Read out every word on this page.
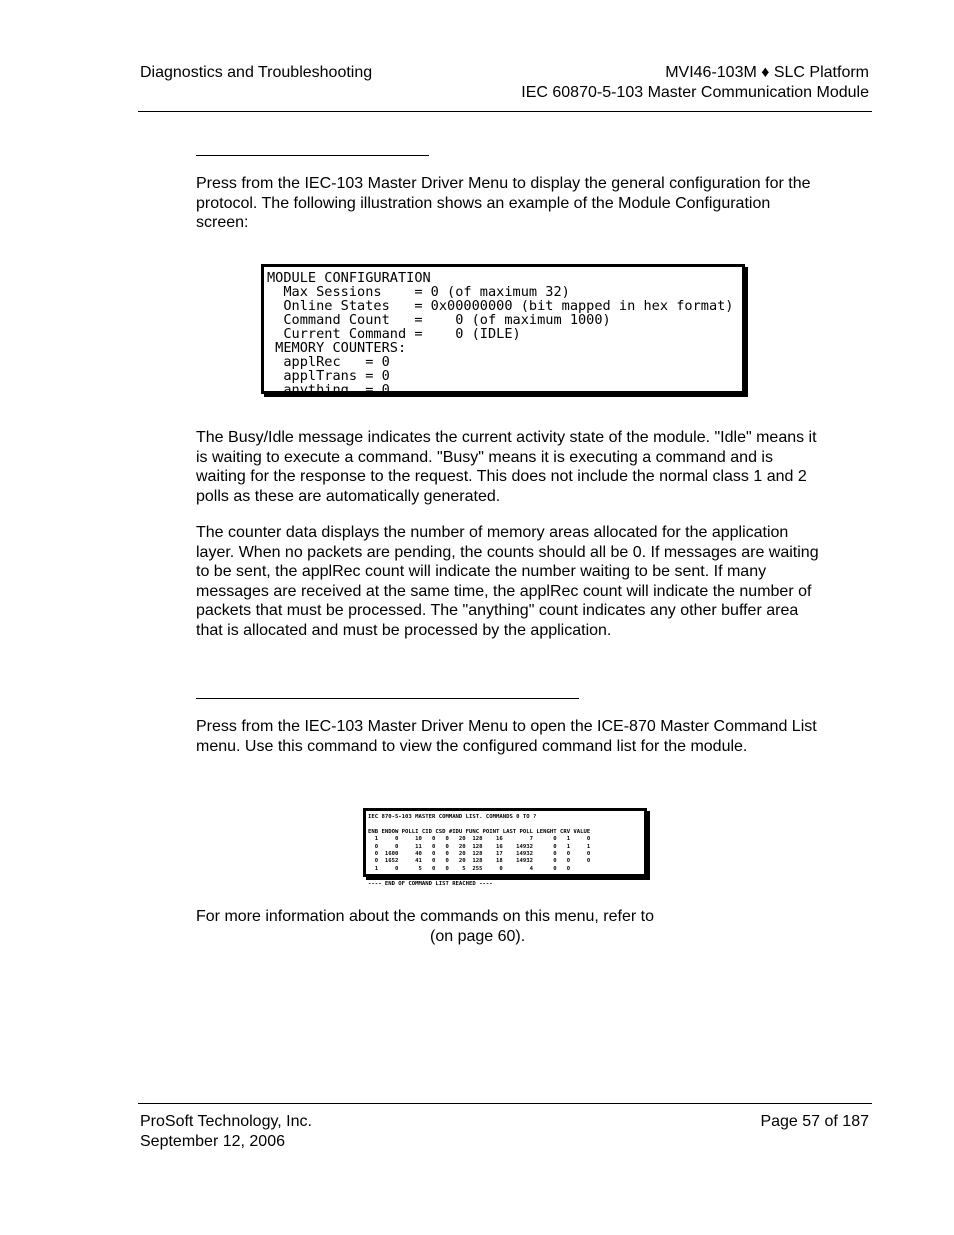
Diagnostics and Troubleshooting	MVI46-103M ♦ SLC Platform
IEC 60870-5-103 Master Communication Module

Press from the IEC-103 Master Driver Menu to display the general configuration for the protocol. The following illustration shows an example of the Module Configuration screen:

MODULE CONFIGURATION
Max Sessions    = 0 (of maximum 32)
Online States   = 0x00000000 (bit mapped in hex format)
Command Count   =    0 (of maximum 1000)
Current Command =    0 (IDLE)
MEMORY COUNTERS:
applRec   = 0
applTrans = 0
anything  = 0

The Busy/Idle message indicates the current activity state of the module. "Idle" means it is waiting to execute a command. "Busy" means it is executing a command and is waiting for the response to the request. This does not include the normal class 1 and 2 polls as these are automatically generated.

The counter data displays the number of memory areas allocated for the application layer. When no packets are pending, the counts should all be 0. If messages are waiting to be sent, the applRec count will indicate the number waiting to be sent. If many messages are received at the same time, the applRec count will indicate the number of packets that must be processed. The "anything" count indicates any other buffer area that is allocated and must be processed by the application.

Press from the IEC-103 Master Driver Menu to open the ICE-870 Master Command List menu. Use this command to view the configured command list for the module.

IEC 870-5-103 MASTER COMMAND LIST. COMMANDS 0 TO ?

ENB ENDOW POLLI CID CSD #IDU FUNC POINT LAST POLL LENGHT CRV VALUE
1     0     10   0   0   20  128    16        7      0   1     0
0     0     11   0   0   20  128    16    14932      0   1     1
0  1600     40   0   0   20  128    17    14932      0   0     0
0  1652     41   0   0   20  128    18    14932      0   0     0
1     0      5   0   0    5  255     0        4      0   0

---- END OF COMMAND LIST REACHED ----

For more information about the commands on this menu, refer to

(on page 60).

ProSoft Technology, Inc.
September 12, 2006
Page 57 of 187
